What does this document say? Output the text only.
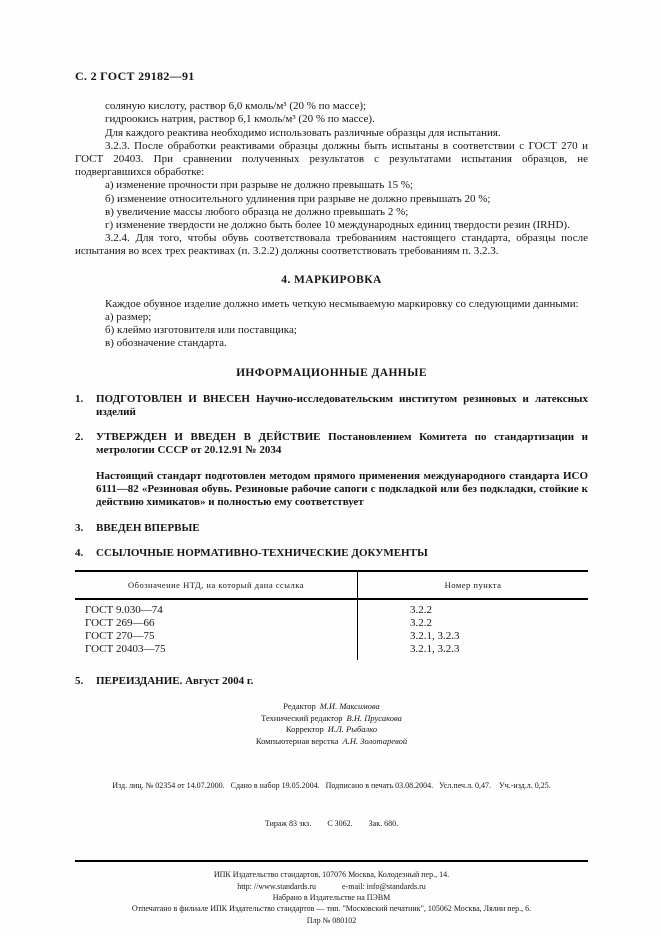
С. 2 ГОСТ 29182—91

соляную кислоту, раствор 6,0 кмоль/м³ (20 % по массе);

гидроокись натрия, раствор 6,1 кмоль/м³ (20 % по массе).

Для каждого реактива необходимо использовать различные образцы для испытания.

3.2.3. После обработки реактивами образцы должны быть испытаны в соответствии с ГОСТ 270 и ГОСТ 20403. При сравнении полученных результатов с результатами испытания образцов, не подвергавшихся обработке:

а) изменение прочности при разрыве не должно превышать 15 %;

б) изменение относительного удлинения при разрыве не должно превышать 20 %;

в) увеличение массы любого образца не должно превышать 2 %;

г) изменение твердости не должно быть более 10 международных единиц твердости резин (IRHD).

3.2.4. Для того, чтобы обувь соответствовала требованиям настоящего стандарта, образцы после испытания во всех трех реактивах (п. 3.2.2) должны соответствовать требованиям п. 3.2.3.

4. МАРКИРОВКА

Каждое обувное изделие должно иметь четкую несмываемую маркировку со следующими данными:

а) размер;

б) клеймо изготовителя или поставщика;

в) обозначение стандарта.

ИНФОРМАЦИОННЫЕ ДАННЫЕ
1.	ПОДГОТОВЛЕН И ВНЕСЕН Научно-исследовательским институтом резиновых и латексных изделий
2.	УТВЕРЖДЕН И ВВЕДЕН В ДЕЙСТВИЕ Постановлением Комитета по стандартизации и метрологии СССР от 20.12.91 № 2034
Настоящий стандарт подготовлен методом прямого применения международного стандарта ИСО 6111—82 «Резиновая обувь. Резиновые рабочие сапоги с подкладкой или без подкладки, стойкие к действию химикатов» и полностью ему соответствует
3.	ВВЕДЕН ВПЕРВЫЕ
4.	ССЫЛОЧНЫЕ НОРМАТИВНО-ТЕХНИЧЕСКИЕ ДОКУМЕНТЫ
Обозначение НТД, на который дана ссылка	Номер пункта
ГОСТ 9.030—74	3.2.2
ГОСТ 269—66	3.2.2
ГОСТ 270—75	3.2.1, 3.2.3
ГОСТ 20403—75	3.2.1, 3.2.3
5.	ПЕРЕИЗДАНИЕ. Август 2004 г.
Редактор М.И. Максимова
Технический редактор В.Н. Прусакова
Корректор И.Л. Рыбалко
Компьютерная верстка А.Н. Золотаревой

Изд. лиц. № 02354 от 14.07.2000.   Сдано в набор 19.05.2004.   Подписано в печать 03.08.2004.   Усл.печ.л. 0,47.    Уч.-изд.л. 0,25.

Тираж 83 экз.        С 3062.        Зак. 680.

ИПК Издательство стандартов, 107076 Москва, Колодезный пер., 14.
http: //www.standards.ru             e-mail: info@standards.ru
Набрано в Издательстве на ПЭВМ
Отпечатано в филиале ИПК Издательство стандартов — тип. "Московский печатник", 105062 Москва, Лялин пер., 6.
Плр № 080102
